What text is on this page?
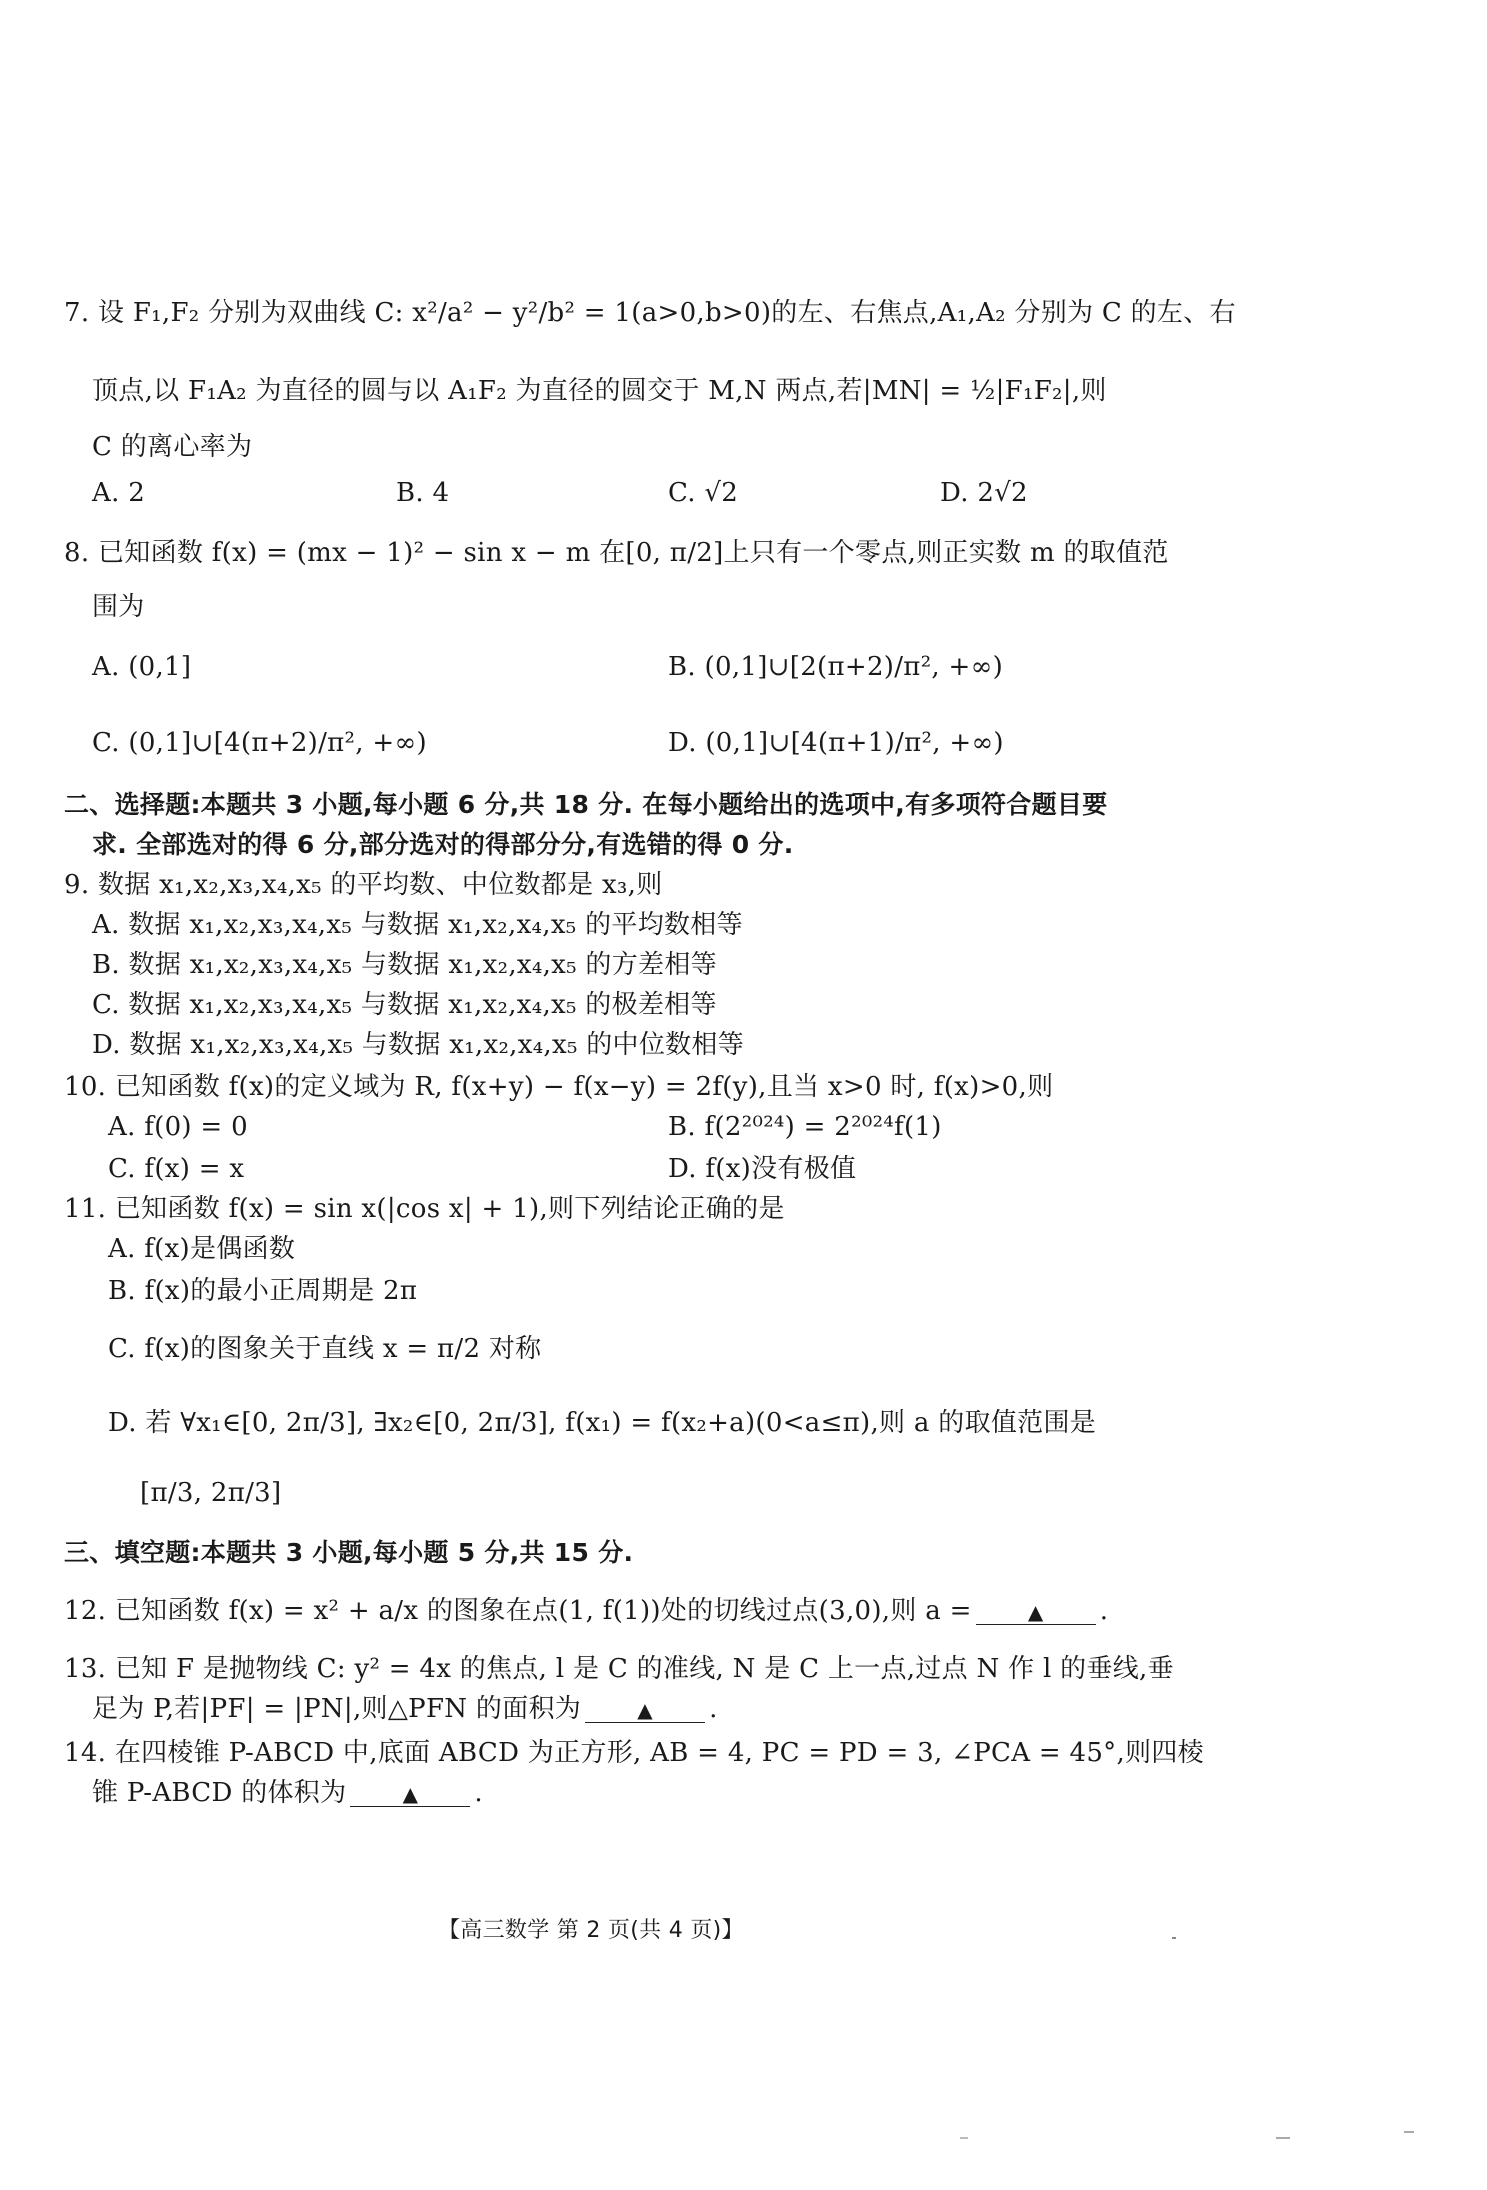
7. 设 F₁,F₂ 分别为双曲线 C: x²/a² − y²/b² = 1(a>0,b>0)的左、右焦点,A₁,A₂ 分别为 C 的左、右
顶点,以 F₁A₂ 为直径的圆与以 A₁F₂ 为直径的圆交于 M,N 两点,若|MN| = ½|F₁F₂|,则
C 的离心率为
A. 2	B. 4	C. √2	D. 2√2
8. 已知函数 f(x) = (mx − 1)² − sin x − m 在[0, π/2]上只有一个零点,则正实数 m 的取值范
围为
A. (0,1]	B. (0,1]∪[2(π+2)/π², +∞)
C. (0,1]∪[4(π+2)/π², +∞)	D. (0,1]∪[4(π+1)/π², +∞)
二、选择题:本题共 3 小题,每小题 6 分,共 18 分. 在每小题给出的选项中,有多项符合题目要
求. 全部选对的得 6 分,部分选对的得部分分,有选错的得 0 分.
9. 数据 x₁,x₂,x₃,x₄,x₅ 的平均数、中位数都是 x₃,则
A. 数据 x₁,x₂,x₃,x₄,x₅ 与数据 x₁,x₂,x₄,x₅ 的平均数相等
B. 数据 x₁,x₂,x₃,x₄,x₅ 与数据 x₁,x₂,x₄,x₅ 的方差相等
C. 数据 x₁,x₂,x₃,x₄,x₅ 与数据 x₁,x₂,x₄,x₅ 的极差相等
D. 数据 x₁,x₂,x₃,x₄,x₅ 与数据 x₁,x₂,x₄,x₅ 的中位数相等
10. 已知函数 f(x)的定义域为 R, f(x+y) − f(x−y) = 2f(y),且当 x>0 时, f(x)>0,则
A. f(0) = 0	B. f(2²⁰²⁴) = 2²⁰²⁴f(1)
C. f(x) = x	D. f(x)没有极值
11. 已知函数 f(x) = sin x(|cos x| + 1),则下列结论正确的是
A. f(x)是偶函数
B. f(x)的最小正周期是 2π
C. f(x)的图象关于直线 x = π/2 对称
D. 若 ∀x₁∈[0, 2π/3], ∃x₂∈[0, 2π/3], f(x₁) = f(x₂+a)(0<a≤π),则 a 的取值范围是
[π/3, 2π/3]
三、填空题:本题共 3 小题,每小题 5 分,共 15 分.
12. 已知函数 f(x) = x² + a/x 的图象在点(1, f(1))处的切线过点(3,0),则 a =	▲ .
13. 已知 F 是抛物线 C: y² = 4x 的焦点, l 是 C 的准线, N 是 C 上一点,过点 N 作 l 的垂线,垂
足为 P,若|PF| = |PN|,则△PFN 的面积为	▲ .
14. 在四棱锥 P-ABCD 中,底面 ABCD 为正方形, AB = 4, PC = PD = 3, ∠PCA = 45°,则四棱
锥 P-ABCD 的体积为	▲ .
【高三数学 第 2 页(共 4 页)】
